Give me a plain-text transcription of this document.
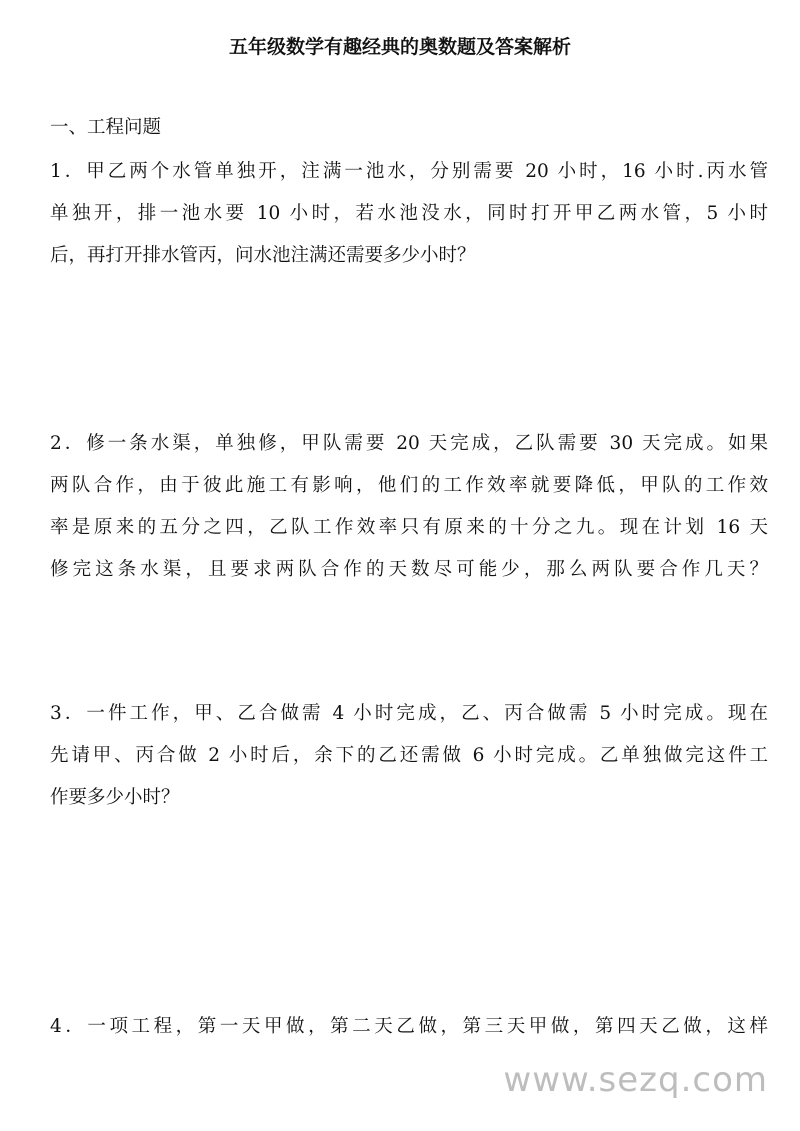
五年级数学有趣经典的奥数题及答案解析
一、工程问题
1．甲乙两个水管单独开，注满一池水，分别需要 20 小时，16 小时.丙水管
单独开，排一池水要 10 小时，若水池没水，同时打开甲乙两水管，5 小时
后，再打开排水管丙，问水池注满还需要多少小时？
2．修一条水渠，单独修，甲队需要 20 天完成，乙队需要 30 天完成。如果
两队合作，由于彼此施工有影响，他们的工作效率就要降低，甲队的工作效
率是原来的五分之四，乙队工作效率只有原来的十分之九。现在计划 16 天
修完这条水渠，且要求两队合作的天数尽可能少，那么两队要合作几天？
3．一件工作，甲、乙合做需 4 小时完成，乙、丙合做需 5 小时完成。现在
先请甲、丙合做 2 小时后，余下的乙还需做 6 小时完成。乙单独做完这件工
作要多少小时？
4．一项工程，第一天甲做，第二天乙做，第三天甲做，第四天乙做，这样
www.sezq.com
